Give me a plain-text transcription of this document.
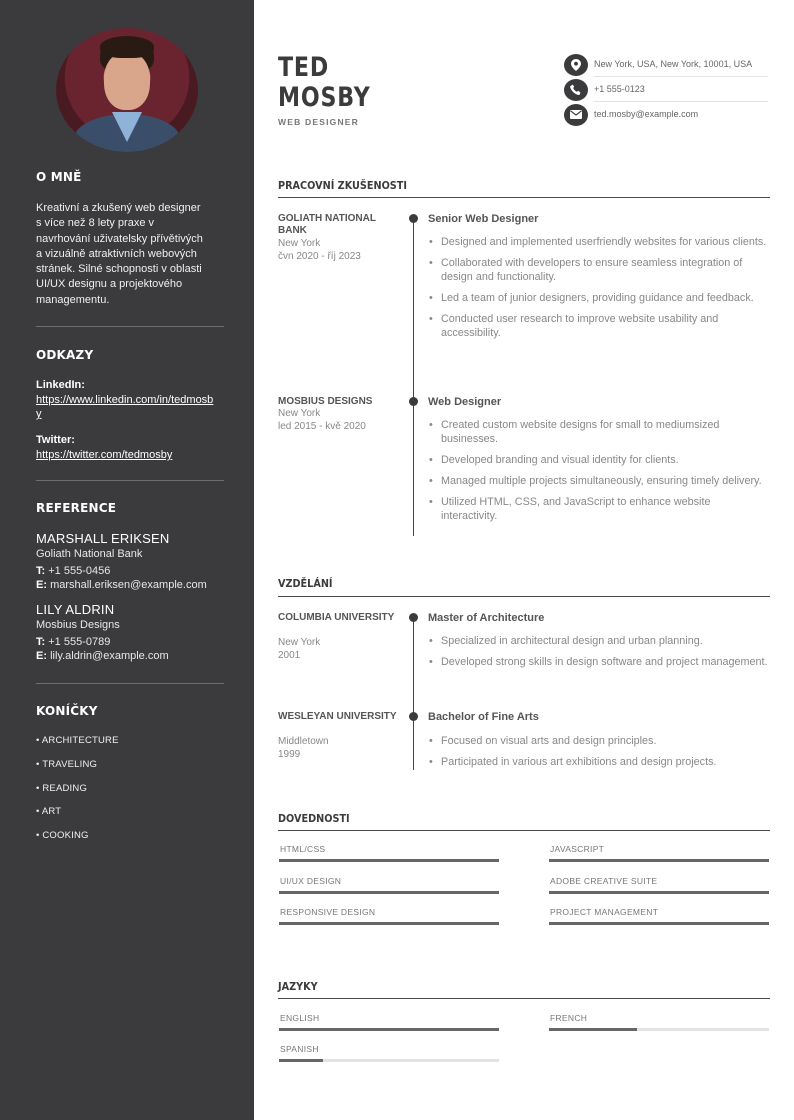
O MNĚ
Kreativní a zkušený web designer
s více než 8 lety praxe v
navrhování uživatelsky přívětivých
a vizuálně atraktivních webových
stránek. Silné schopnosti v oblasti
UI/UX designu a projektového
managementu.
ODKAZY
LinkedIn:
https://www.linkedin.com/in/tedmosby
Twitter:
https://twitter.com/tedmosby
REFERENCE
MARSHALL ERIKSEN
Goliath National Bank
T: +1 555-0456
E: marshall.eriksen@example.com
LILY ALDRIN
Mosbius Designs
T: +1 555-0789
E: lily.aldrin@example.com
KONÍČKY
• ARCHITECTURE
• TRAVELING
• READING
• ART
• COOKING
TED
MOSBY
WEB DESIGNER
New York, USA, New York, 10001, USA
+1 555-0123
ted.mosby@example.com
PRACOVNÍ ZKUŠENOSTI
GOLIATH NATIONAL BANK
New York
čvn 2020 - říj 2023
Senior Web Designer
• Designed and implemented userfriendly websites for various clients.
• Collaborated with developers to ensure seamless integration of design and functionality.
• Led a team of junior designers, providing guidance and feedback.
• Conducted user research to improve website usability and accessibility.
MOSBIUS DESIGNS
New York
led 2015 - kvě 2020
Web Designer
• Created custom website designs for small to mediumsized businesses.
• Developed branding and visual identity for clients.
• Managed multiple projects simultaneously, ensuring timely delivery.
• Utilized HTML, CSS, and JavaScript to enhance website interactivity.
VZDĚLÁNÍ
COLUMBIA UNIVERSITY
New York
2001
Master of Architecture
• Specialized in architectural design and urban planning.
• Developed strong skills in design software and project management.
WESLEYAN UNIVERSITY
Middletown
1999
Bachelor of Fine Arts
• Focused on visual arts and design principles.
• Participated in various art exhibitions and design projects.
DOVEDNOSTI
HTML/CSS	JAVASCRIPT
UI/UX DESIGN	ADOBE CREATIVE SUITE
RESPONSIVE DESIGN	PROJECT MANAGEMENT
JAZYKY
ENGLISH	FRENCH
SPANISH
